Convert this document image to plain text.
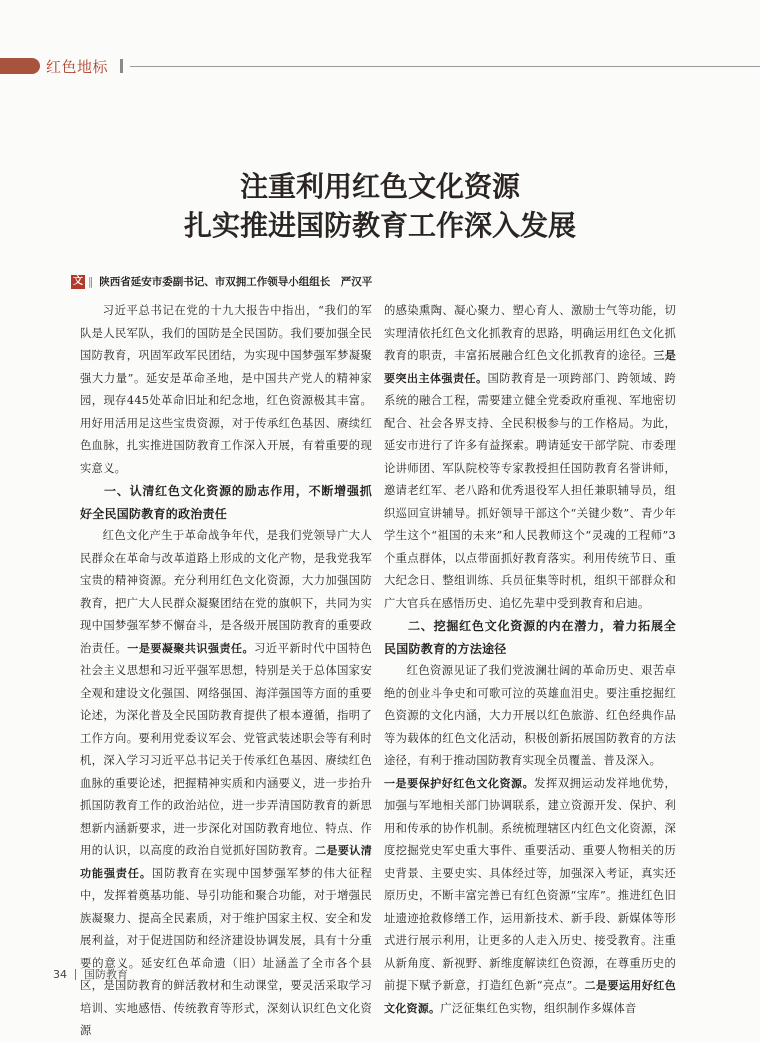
红色地标
注重利用红色文化资源
扎实推进国防教育工作深入发展
文 ‖ 陕西省延安市委副书记、市双拥工作领导小组组长　严汉平

习近平总书记在党的十九大报告中指出，“我们的军队是人民军队，我们的国防是全民国防。我们要加强全民国防教育，巩固军政军民团结，为实现中国梦强军梦凝聚强大力量”。延安是革命圣地，是中国共产党人的精神家园，现存445处革命旧址和纪念地，红色资源极其丰富。用好用活用足这些宝贵资源，对于传承红色基因、赓续红色血脉，扎实推进国防教育工作深入开展，有着重要的现实意义。

一、认清红色文化资源的励志作用，不断增强抓好全民国防教育的政治责任

红色文化产生于革命战争年代，是我们党领导广大人民群众在革命与改革道路上形成的文化产物，是我党我军宝贵的精神资源。充分利用红色文化资源，大力加强国防教育，把广大人民群众凝聚团结在党的旗帜下，共同为实现中国梦强军梦不懈奋斗，是各级开展国防教育的重要政治责任。一是要凝聚共识强责任。习近平新时代中国特色社会主义思想和习近平强军思想，特别是关于总体国家安全观和建设文化强国、网络强国、海洋强国等方面的重要论述，为深化普及全民国防教育提供了根本遵循，指明了工作方向。要利用党委议军会、党管武装述职会等有利时机，深入学习习近平总书记关于传承红色基因、赓续红色血脉的重要论述，把握精神实质和内涵要义，进一步抬升抓国防教育工作的政治站位，进一步弄清国防教育的新思想新内涵新要求，进一步深化对国防教育地位、特点、作用的认识，以高度的政治自觉抓好国防教育。二是要认清功能强责任。国防教育在实现中国梦强军梦的伟大征程中，发挥着奠基功能、导引功能和聚合功能，对于增强民族凝聚力、提高全民素质，对于维护国家主权、安全和发展利益，对于促进国防和经济建设协调发展，具有十分重要的意义。延安红色革命遗（旧）址涵盖了全市各个县区，是国防教育的鲜活教材和生动课堂，要灵活采取学习培训、实地感悟、传统教育等形式，深刻认识红色文化资源

的感染熏陶、凝心聚力、塑心育人、激励士气等功能，切实理清依托红色文化抓教育的思路，明确运用红色文化抓教育的职责，丰富拓展融合红色文化抓教育的途径。三是要突出主体强责任。国防教育是一项跨部门、跨领域、跨系统的融合工程，需要建立健全党委政府重视、军地密切配合、社会各界支持、全民积极参与的工作格局。为此，延安市进行了许多有益探索。聘请延安干部学院、市委理论讲师团、军队院校等专家教授担任国防教育名誉讲师，邀请老红军、老八路和优秀退役军人担任兼职辅导员，组织巡回宣讲辅导。抓好领导干部这个“关键少数”、青少年学生这个“祖国的未来”和人民教师这个“灵魂的工程师”3个重点群体，以点带面抓好教育落实。利用传统节日、重大纪念日、整组训练、兵员征集等时机，组织干部群众和广大官兵在感悟历史、追忆先辈中受到教育和启迪。

二、挖掘红色文化资源的内在潜力，着力拓展全民国防教育的方法途径

红色资源见证了我们党波澜壮阔的革命历史、艰苦卓绝的创业斗争史和可歌可泣的英雄血泪史。要注重挖掘红色资源的文化内涵，大力开展以红色旅游、红色经典作品等为载体的红色文化活动，积极创新拓展国防教育的方法途径，有利于推动国防教育实现全员覆盖、普及深入。

一是要保护好红色文化资源。发挥双拥运动发祥地优势，加强与军地相关部门协调联系，建立资源开发、保护、利用和传承的协作机制。系统梳理辖区内红色文化资源，深度挖掘党史军史重大事件、重要活动、重要人物相关的历史背景、主要史实、具体经过等，加强深入考证，真实还原历史，不断丰富完善已有红色资源“宝库”。推进红色旧址遗迹抢救修缮工作，运用新技术、新手段、新媒体等形式进行展示利用，让更多的人走入历史、接受教育。注重从新角度、新视野、新维度解读红色资源，在尊重历史的前提下赋予新意，打造红色新“亮点”。二是要运用好红色文化资源。广泛征集红色实物，组织制作多媒体音

34 国防教育
